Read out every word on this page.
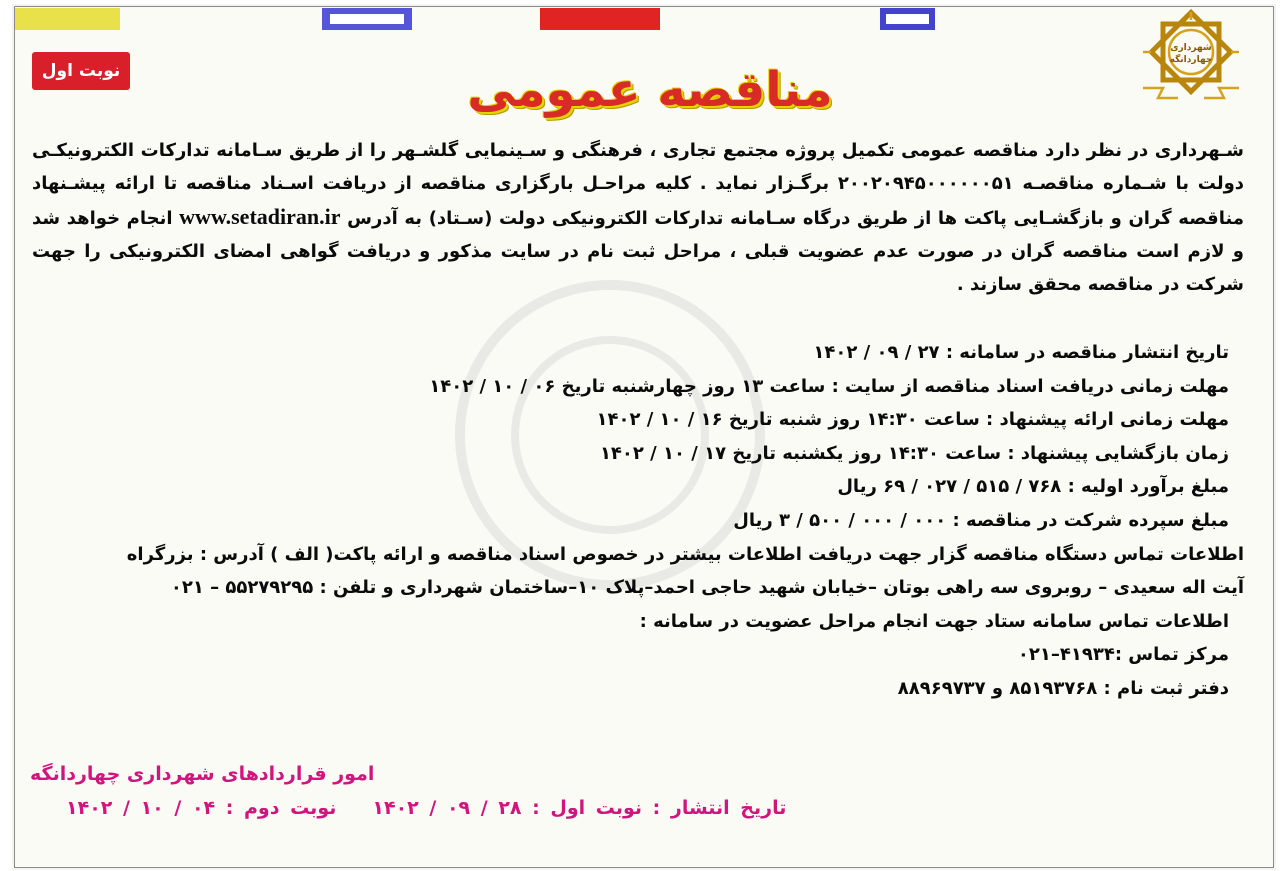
نوبت اول
شهرداری
چهاردانگه
مناقصه عمومی

شـهرداری در نظر دارد مناقصه عمومی تکمیل پروژه مجتمع تجاری ، فرهنگی و سـینمایی گلشـهر را از طریق سـامانه تدارکات الکترونیکـی دولت با شـماره مناقصـه ۲۰۰۲۰۹۴۵۰۰۰۰۰۰۵۱ برگـزار نماید . کلیه مراحـل بارگزاری مناقصه از دریافت اسـناد مناقصه تا ارائه پیشـنهاد مناقصه گران و بازگشـایی پاکت ها از طریق درگاه سـامانه تدارکات الکترونیکی دولت (سـتاد) به آدرس www.setadiran.ir انجام خواهد شد و لازم است مناقصه گران در صورت عدم عضویت قبلی ، مراحل ثبت نام در سایت مذکور و دریافت گواهی امضای الکترونیکی را جهت شرکت در مناقصه محقق سازند .

تاریخ انتشار مناقصه در سامانه : ۲۷ / ۰۹ / ۱۴۰۲
مهلت زمانی دریافت اسناد مناقصه از سایت : ساعت ۱۳ روز چهارشنبه تاریخ ۰۶ / ۱۰ / ۱۴۰۲
مهلت زمانی ارائه پیشنهاد : ساعت ۱۴:۳۰ روز شنبه تاریخ ۱۶ / ۱۰ / ۱۴۰۲
زمان بازگشایی پیشنهاد : ساعت ۱۴:۳۰ روز یکشنبه تاریخ ۱۷ / ۱۰ / ۱۴۰۲
مبلغ برآورد اولیه : ۷۶۸ / ۵۱۵ / ۰۲۷ / ۶۹ ریال
مبلغ سپرده شرکت در مناقصه : ۰۰۰ / ۰۰۰ / ۵۰۰ / ۳ ریال
اطلاعات تماس دستگاه مناقصه گزار جهت دریافت اطلاعات بیشتر در خصوص اسناد مناقصه و ارائه پاکت( الف ) آدرس : بزرگراه
آیت اله سعیدی – روبروی سه راهی بوتان –خیابان شهید حاجی احمد–پلاک ۱۰–ساختمان شهرداری و تلفن : ۵۵۲۷۹۲۹۵ – ۰۲۱
اطلاعات تماس سامانه ستاد جهت انجام مراحل عضویت در سامانه :
مرکز تماس :۴۱۹۳۴–۰۲۱
دفتر ثبت نام : ۸۵۱۹۳۷۶۸ و ۸۸۹۶۹۷۳۷
امور قراردادهای شهرداری چهاردانگه
تاریخ انتشار : نوبت اول : ۲۸ / ۰۹ / ۱۴۰۲نوبت دوم : ۰۴ / ۱۰ / ۱۴۰۲
